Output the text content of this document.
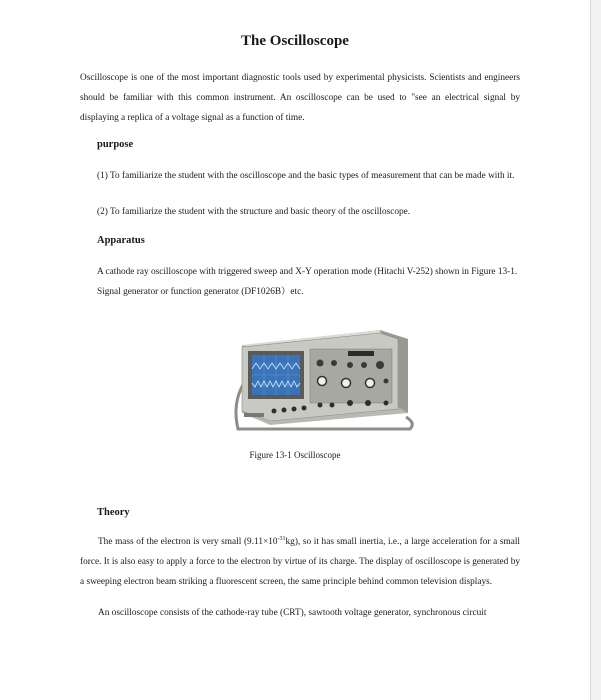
The Oscilloscope
Oscilloscope is one of the most important diagnostic tools used by experimental physicists. Scientists and engineers should be familiar with this common instrument. An oscilloscope can be used to "see an electrical signal by displaying a replica of a voltage signal as a function of time.
purpose
(1) To familiarize the student with the oscilloscope and the basic types of measurement that can be made with it.
(2) To familiarize the student with the structure and basic theory of the oscilloscope.
Apparatus
A cathode ray oscilloscope with triggered sweep and X-Y operation mode (Hitachi V-252) shown in Figure 13-1. Signal generator or function generator (DF1026B）etc.
Figure 13-1 Oscilloscope
Theory
The mass of the electron is very small $(9.11\times 10^{-31}kg)$, so it has small inertia, i.e., a large acceleration for a small force. It is also easy to apply a force to the electron by virtue of its charge. The display of oscilloscope is generated by a sweeping electron beam striking a fluorescent screen, the same principle behind common television displays.
An oscilloscope consists of the cathode-ray tube (CRT), sawtooth voltage generator, synchronous circuit
